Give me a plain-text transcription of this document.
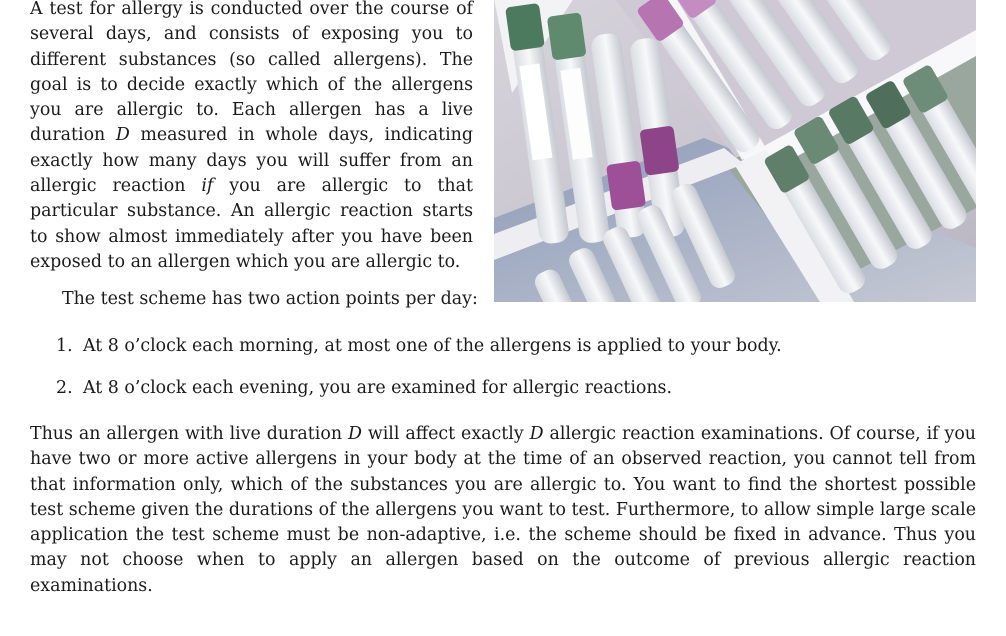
A test for allergy is conducted over the course of several days, and consists of exposing you to different substances (so called allergens). The goal is to decide exactly which of the allergens you are allergic to. Each allergen has a live duration D measured in whole days, indicating exactly how many days you will suffer from an allergic reaction if you are allergic to that particular substance. An allergic reaction starts to show almost immediately after you have been exposed to an allergen which you are allergic to.

The test scheme has two action points per day:

1. At 8 o’clock each morning, at most one of the allergens is applied to your body.
2. At 8 o’clock each evening, you are examined for allergic reactions.

Thus an allergen with live duration D will affect exactly D allergic reaction examinations. Of course, if you have two or more active allergens in your body at the time of an observed reaction, you cannot tell from that information only, which of the substances you are allergic to. You want to find the shortest possible test scheme given the durations of the allergens you want to test. Furthermore, to allow simple large scale application the test scheme must be non-adaptive, i.e. the scheme should be fixed in advance. Thus you may not choose when to apply an allergen based on the outcome of previous allergic reaction examinations.
